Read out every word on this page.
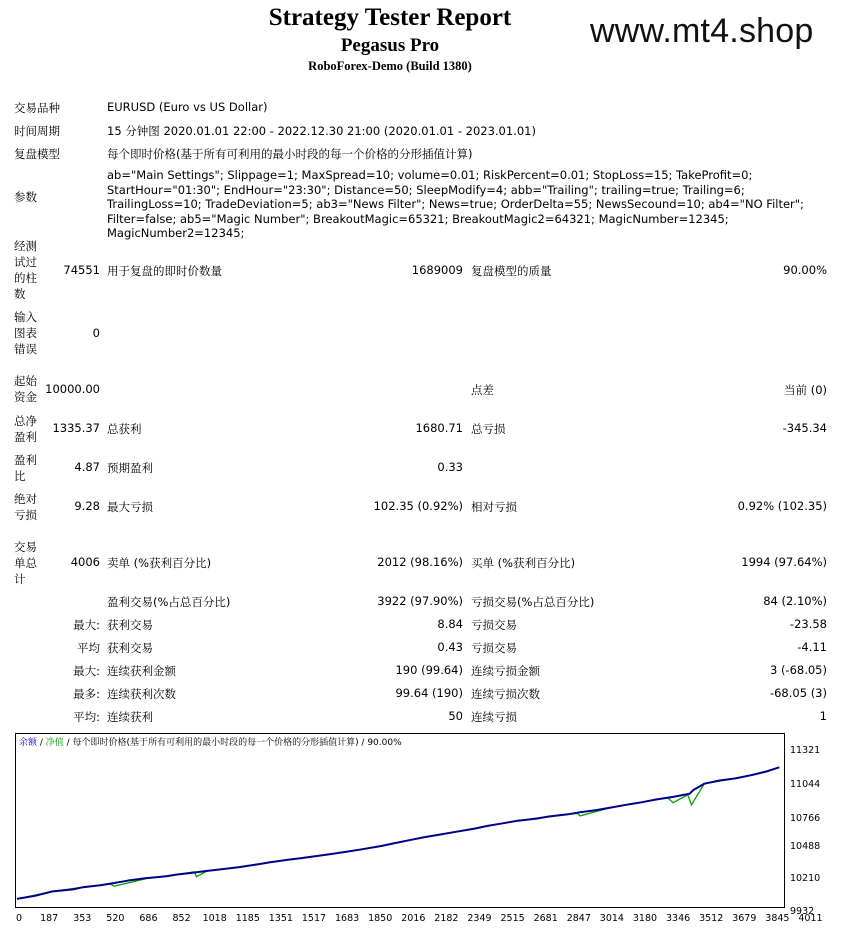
Strategy Tester Report
Pegasus Pro
RoboForex-Demo (Build 1380)
www.mt4.shop
交易品种	EURUSD (Euro vs US Dollar)
时间周期	15 分钟图 2020.01.01 22:00 - 2022.12.30 21:00 (2020.01.01 - 2023.01.01)
复盘模型	每个即时价格(基于所有可利用的最小时段的每一个价格的分形插值计算)
参数
ab="Main Settings"; Slippage=1; MaxSpread=10; volume=0.01; RiskPercent=0.01; StopLoss=15; TakeProfit=0; StartHour="01:30"; EndHour="23:30"; Distance=50; SleepModify=4; abb="Trailing"; trailing=true; Trailing=6; TrailingLoss=10; TradeDeviation=5; ab3="News Filter"; News=true; OrderDelta=55; NewsSecound=10; ab4="NO Filter"; Filter=false; ab5="Magic Number"; BreakoutMagic=65321; BreakoutMagic2=64321; MagicNumber=12345; MagicNumber2=12345;
经测试过的柱数
74551 用于复盘的即时价数量	1689009 复盘模型的质量	90.00%
输入图表错误
0
起始资金
10000.00	点差	当前 (0)
总净盈利
1335.37 总获利	1680.71 总亏损	-345.34
盈利比
4.87 预期盈利	0.33
绝对亏损
9.28 最大亏损	102.35 (0.92%) 相对亏损	0.92% (102.35)
交易单总计
4006 卖单 (%获利百分比)	2012 (98.16%) 买单 (%获利百分比)	1994 (97.64%)
盈利交易(%占总百分比)	3922 (97.90%) 亏损交易(%占总百分比)	84 (2.10%)
最大: 获利交易	8.84 亏损交易	-23.58
平均 获利交易	0.43 亏损交易	-4.11
最大: 连续获利金额	190 (99.64) 连续亏损金额	3 (-68.05)
最多: 连续获利次数	99.64 (190) 连续亏损次数	-68.05 (3)
平均: 连续获利	50 连续亏损	1
余额 / 净值 / 每个即时价格(基于所有可利用的最小时段的每一个价格的分形插值计算) / 90.00%
11321
11044
10766
10488
10210
9932
0 187 353 520 686 852 1018 1185 1351 1517 1683 1850 2016 2182 2349 2515 2681 2847 3014 3180 3346 3512 3679 3845 4011
